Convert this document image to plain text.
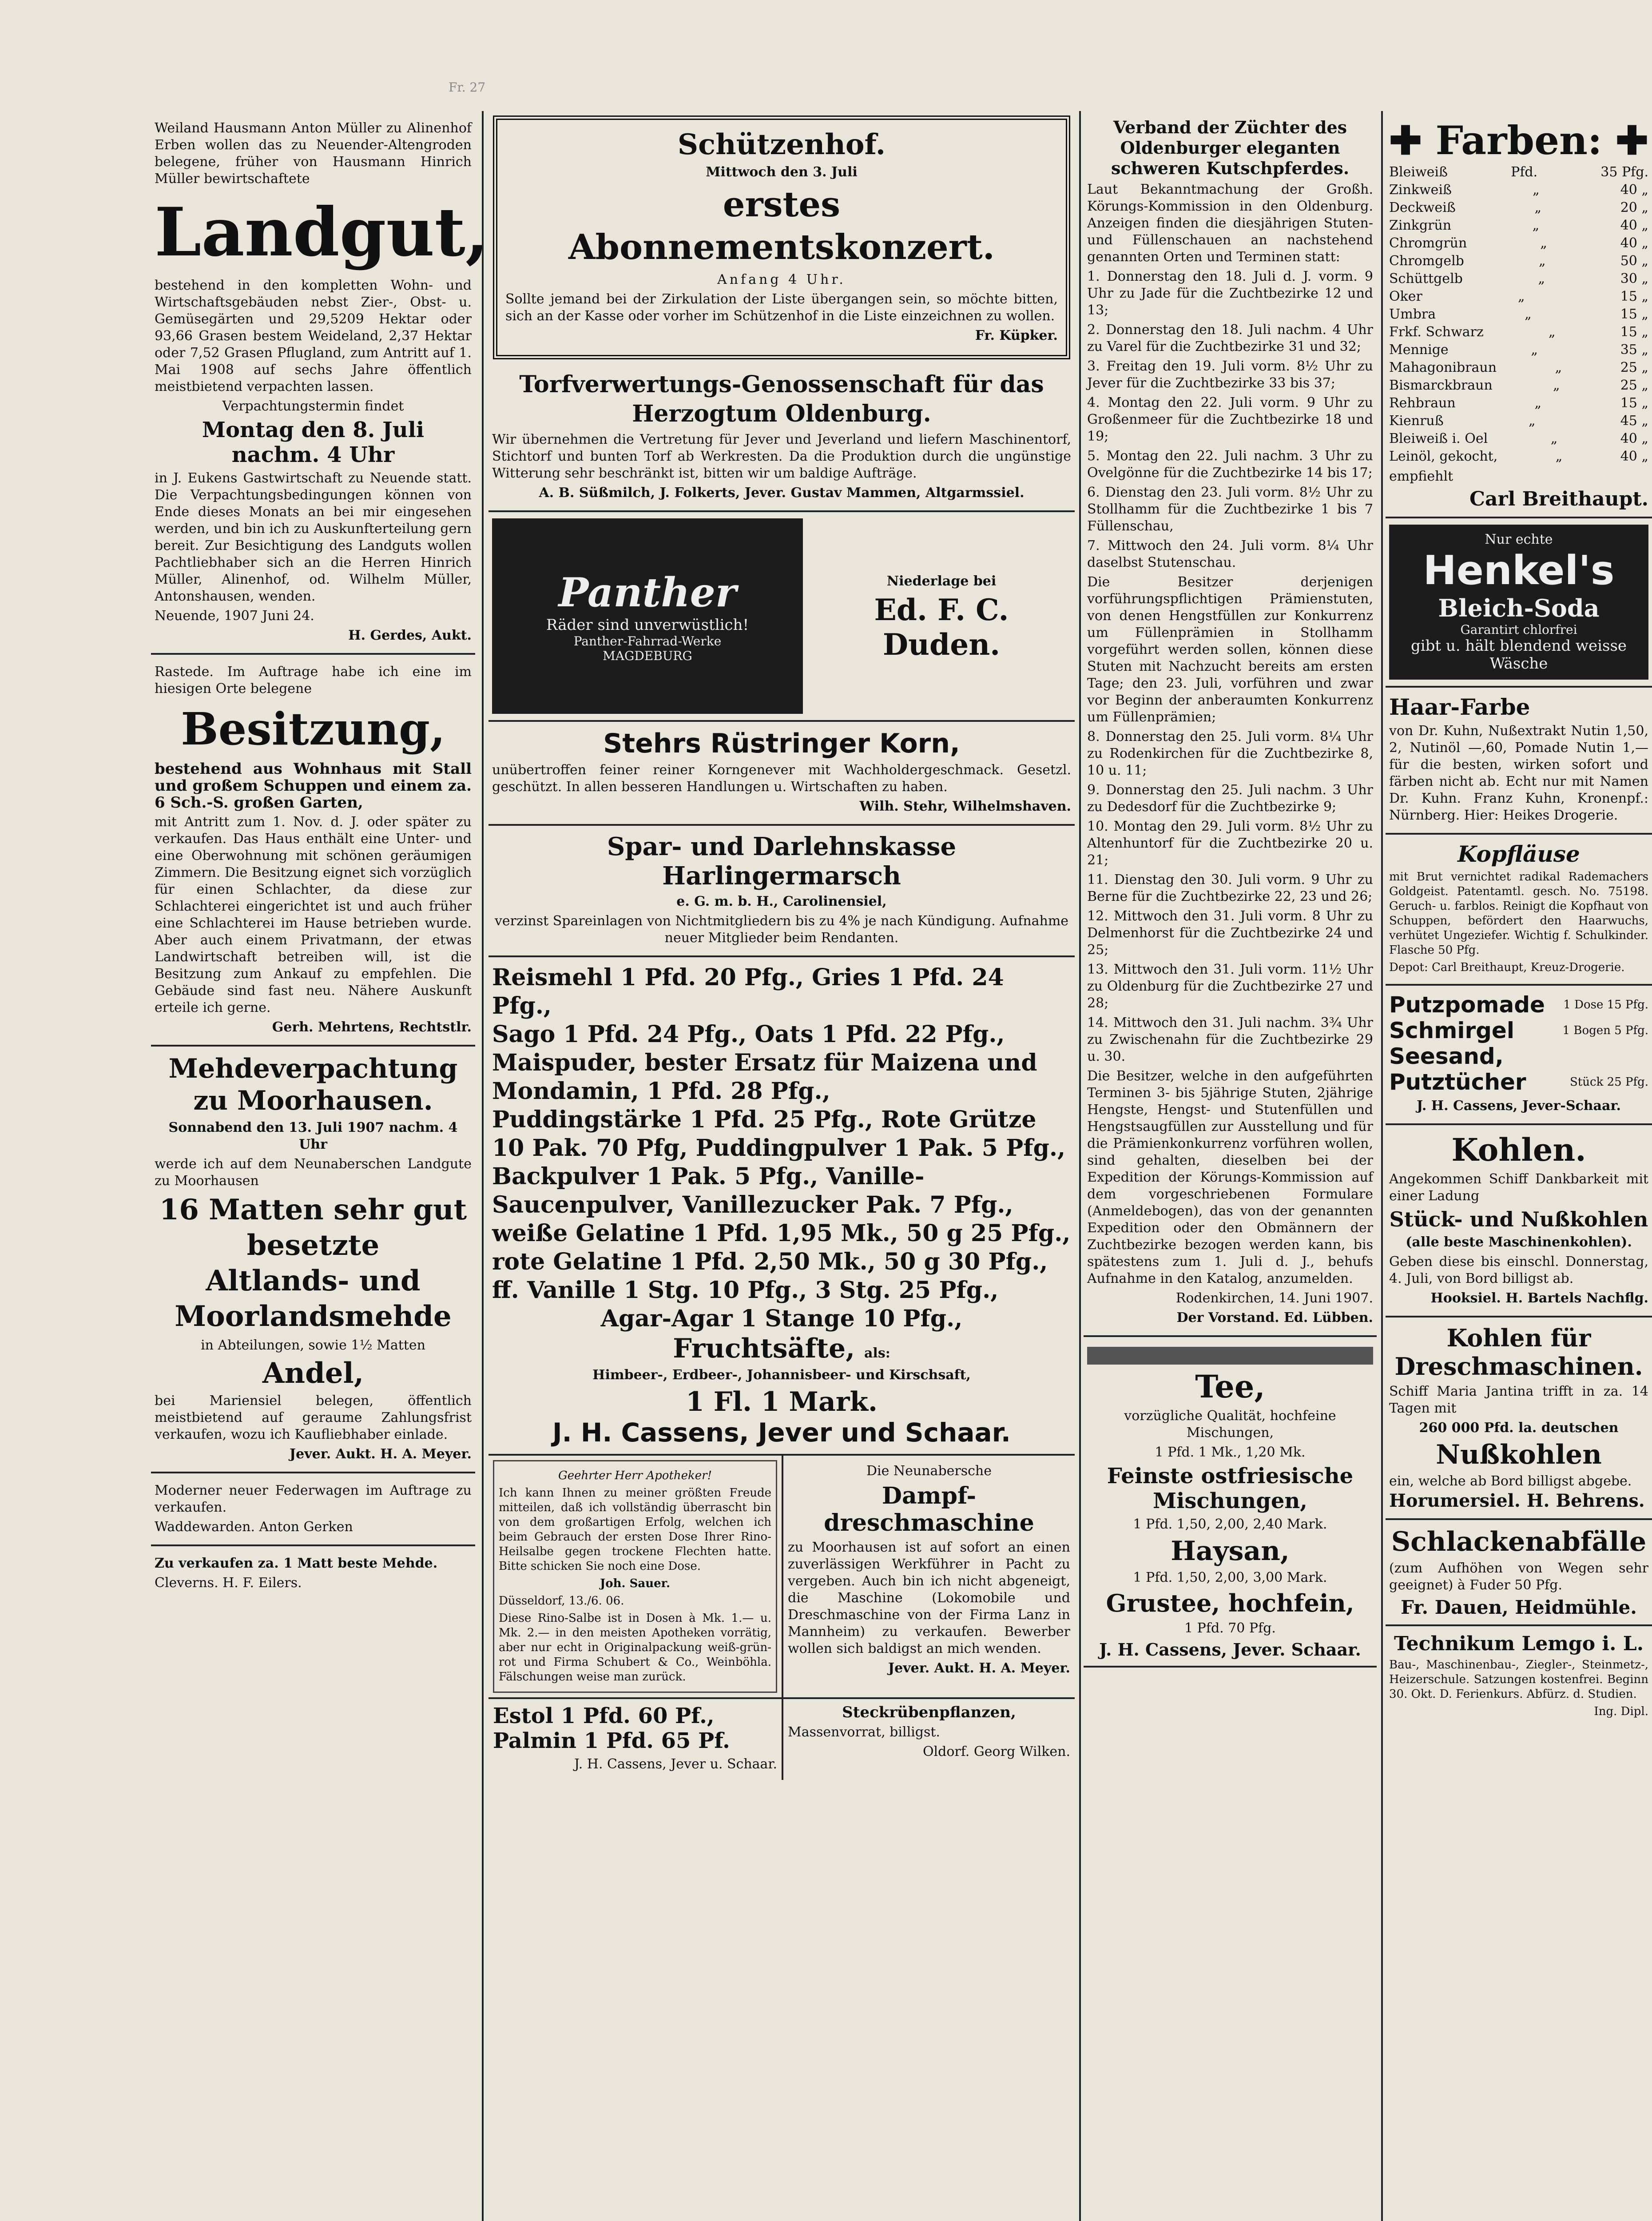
Fr. 27

Weiland Hausmann Anton Müller zu Alinenhof Erben wollen das zu Neuender-Altengroden belegene, früher von Hausmann Hinrich Müller bewirtschaftete

Landgut,

bestehend in den kompletten Wohn- und Wirtschaftsgebäuden nebst Zier-, Obst- u. Gemüsegärten und 29,5209 Hektar oder 93,66 Grasen bestem Weideland, 2,37 Hektar oder 7,52 Grasen Pflugland, zum Antritt auf 1. Mai 1908 auf sechs Jahre öffentlich meistbietend verpachten lassen.

Verpachtungstermin findet

Montag den 8. Juli
nachm. 4 Uhr

in J. Eukens Gastwirtschaft zu Neuende statt. Die Verpachtungsbedingungen können von Ende dieses Monats an bei mir eingesehen werden, und bin ich zu Auskunfterteilung gern bereit. Zur Besichtigung des Landguts wollen Pachtliebhaber sich an die Herren Hinrich Müller, Alinenhof, od. Wilhelm Müller, Antonshausen, wenden.

Neuende, 1907 Juni 24.

H. Gerdes, Aukt.

Rastede. Im Auftrage habe ich eine im hiesigen Orte belegene

Besitzung,

bestehend aus Wohnhaus mit Stall und großem Schuppen und einem za. 6 Sch.-S. großen Garten,

mit Antritt zum 1. Nov. d. J. oder später zu verkaufen. Das Haus enthält eine Unter- und eine Oberwohnung mit schönen geräumigen Zimmern. Die Besitzung eignet sich vorzüglich für einen Schlachter, da diese zur Schlachterei eingerichtet ist und auch früher eine Schlachterei im Hause betrieben wurde. Aber auch einem Privatmann, der etwas Landwirtschaft betreiben will, ist die Besitzung zum Ankauf zu empfehlen. Die Gebäude sind fast neu. Nähere Auskunft erteile ich gerne.

Gerh. Mehrtens, Rechtstlr.

Mehdeverpachtung zu Moorhausen.

Sonnabend den 13. Juli 1907 nachm. 4 Uhr

werde ich auf dem Neunaberschen Landgute zu Moorhausen

16 Matten sehr gut besetzte
Altlands- und Moorlandsmehde

in Abteilungen, sowie 1½ Matten

Andel,

bei Mariensiel belegen, öffentlich meistbietend auf geraume Zahlungsfrist verkaufen, wozu ich Kaufliebhaber einlade.

Jever. Aukt. H. A. Meyer.

Moderner neuer Federwagen im Auftrage zu verkaufen.

Waddewarden. Anton Gerken

Zu verkaufen za. 1 Matt beste Mehde.

Cleverns. H. F. Eilers.

Schützenhof.

Mittwoch den 3. Juli

erstes Abonnementskonzert.

Anfang 4 Uhr.

Sollte jemand bei der Zirkulation der Liste übergangen sein, so möchte bitten, sich an der Kasse oder vorher im Schützenhof in die Liste einzeichnen zu wollen.

Fr. Küpker.

Torfverwertungs-Genossenschaft für das Herzogtum Oldenburg.

Wir übernehmen die Vertretung für Jever und Jeverland und liefern Maschinentorf, Stichtorf und bunten Torf ab Werkresten. Da die Produktion durch die ungünstige Witterung sehr beschränkt ist, bitten wir um baldige Aufträge.

A. B. Süßmilch, J. Folkerts, Jever. Gustav Mammen, Altgarmssiel.

Panther
Räder sind unverwüstlich!
Panther-Fahrrad-Werke
MAGDEBURG

Niederlage bei

Ed. F. C. Duden.
Stehrs Rüstringer Korn,

unübertroffen feiner reiner Korngenever mit Wachholdergeschmack. Gesetzl. geschützt. In allen besseren Handlungen u. Wirtschaften zu haben.

Wilh. Stehr, Wilhelmshaven.

Spar- und Darlehnskasse Harlingermarsch

e. G. m. b. H., Carolinensiel,

verzinst Spareinlagen von Nichtmitgliedern bis zu 4% je nach Kündigung. Aufnahme neuer Mitglieder beim Rendanten.

Reismehl 1 Pfd. 20 Pfg., Gries 1 Pfd. 24 Pfg.,
Sago 1 Pfd. 24 Pfg., Oats 1 Pfd. 22 Pfg.,
Maispuder, bester Ersatz für Maizena und Mondamin, 1 Pfd. 28 Pfg.,
Puddingstärke 1 Pfd. 25 Pfg., Rote Grütze 10 Pak. 70 Pfg, Puddingpulver 1 Pak. 5 Pfg.,
Backpulver 1 Pak. 5 Pfg., Vanille-Saucenpulver, Vanillezucker Pak. 7 Pfg.,
weiße Gelatine 1 Pfd. 1,95 Mk., 50 g 25 Pfg.,
rote Gelatine 1 Pfd. 2,50 Mk., 50 g 30 Pfg.,
ff. Vanille 1 Stg. 10 Pfg., 3 Stg. 25 Pfg.,
Agar-Agar 1 Stange 10 Pfg.,
Fruchtsäfte, als:

Himbeer-, Erdbeer-, Johannisbeer- und Kirschsaft,

1 Fl. 1 Mark.
J. H. Cassens, Jever und Schaar.

Geehrter Herr Apotheker!

Ich kann Ihnen zu meiner größten Freude mitteilen, daß ich vollständig überrascht bin von dem großartigen Erfolg, welchen ich beim Gebrauch der ersten Dose Ihrer Rino-Heilsalbe gegen trockene Flechten hatte. Bitte schicken Sie noch eine Dose.

Joh. Sauer.

Düsseldorf, 13./6. 06.

Diese Rino-Salbe ist in Dosen à Mk. 1.— u. Mk. 2.— in den meisten Apotheken vorrätig, aber nur echt in Originalpackung weiß-grün-rot und Firma Schubert & Co., Weinböhla. Fälschungen weise man zurück.

Die Neunabersche

Dampf-dreschmaschine

zu Moorhausen ist auf sofort an einen zuverlässigen Werkführer in Pacht zu vergeben. Auch bin ich nicht abgeneigt, die Maschine (Lokomobile und Dreschmaschine von der Firma Lanz in Mannheim) zu verkaufen. Bewerber wollen sich baldigst an mich wenden.

Jever. Aukt. H. A. Meyer.

Estol 1 Pfd. 60 Pf.,
Palmin 1 Pfd. 65 Pf.

J. H. Cassens, Jever u. Schaar.

Steckrübenpflanzen,

Massenvorrat, billigst.

Oldorf. Georg Wilken.

Verband der Züchter des Oldenburger eleganten schweren Kutschpferdes.

Laut Bekanntmachung der Großh. Körungs-Kommission in den Oldenburg. Anzeigen finden die diesjährigen Stuten- und Füllenschauen an nachstehend genannten Orten und Terminen statt:

1. Donnerstag den 18. Juli d. J. vorm. 9 Uhr zu Jade für die Zuchtbezirke 12 und 13;

2. Donnerstag den 18. Juli nachm. 4 Uhr zu Varel für die Zuchtbezirke 31 und 32;

3. Freitag den 19. Juli vorm. 8½ Uhr zu Jever für die Zuchtbezirke 33 bis 37;

4. Montag den 22. Juli vorm. 9 Uhr zu Großenmeer für die Zuchtbezirke 18 und 19;

5. Montag den 22. Juli nachm. 3 Uhr zu Ovelgönne für die Zuchtbezirke 14 bis 17;

6. Dienstag den 23. Juli vorm. 8½ Uhr zu Stollhamm für die Zuchtbezirke 1 bis 7 Füllenschau,

7. Mittwoch den 24. Juli vorm. 8¼ Uhr daselbst Stutenschau.

Die Besitzer derjenigen vorführungspflichtigen Prämienstuten, von denen Hengstfüllen zur Konkurrenz um Füllenprämien in Stollhamm vorgeführt werden sollen, können diese Stuten mit Nachzucht bereits am ersten Tage; den 23. Juli, vorführen und zwar vor Beginn der anberaumten Konkurrenz um Füllenprämien;

8. Donnerstag den 25. Juli vorm. 8¼ Uhr zu Rodenkirchen für die Zuchtbezirke 8, 10 u. 11;

9. Donnerstag den 25. Juli nachm. 3 Uhr zu Dedesdorf für die Zuchtbezirke 9;

10. Montag den 29. Juli vorm. 8½ Uhr zu Altenhuntorf für die Zuchtbezirke 20 u. 21;

11. Dienstag den 30. Juli vorm. 9 Uhr zu Berne für die Zuchtbezirke 22, 23 und 26;

12. Mittwoch den 31. Juli vorm. 8 Uhr zu Delmenhorst für die Zuchtbezirke 24 und 25;

13. Mittwoch den 31. Juli vorm. 11½ Uhr zu Oldenburg für die Zuchtbezirke 27 und 28;

14. Mittwoch den 31. Juli nachm. 3¾ Uhr zu Zwischenahn für die Zuchtbezirke 29 u. 30.

Die Besitzer, welche in den aufgeführten Terminen 3- bis 5jährige Stuten, 2jährige Hengste, Hengst- und Stutenfüllen und Hengstsaugfüllen zur Ausstellung und für die Prämienkonkurrenz vorführen wollen, sind gehalten, dieselben bei der Expedition der Körungs-Kommission auf dem vorgeschriebenen Formulare (Anmeldebogen), das von der genannten Expedition oder den Obmännern der Zuchtbezirke bezogen werden kann, bis spätestens zum 1. Juli d. J., behufs Aufnahme in den Katalog, anzumelden.

Rodenkirchen, 14. Juni 1907.

Der Vorstand. Ed. Lübben.

Tee,

vorzügliche Qualität, hochfeine Mischungen,

1 Pfd. 1 Mk., 1,20 Mk.

Feinste ostfriesische Mischungen,

1 Pfd. 1,50, 2,00, 2,40 Mark.

Haysan,

1 Pfd. 1,50, 2,00, 3,00 Mark.

Grustee, hochfein,

1 Pfd. 70 Pfg.

J. H. Cassens, Jever. Schaar.
✚ Farben: ✚
Bleiweiß	Pfd.	35 Pfg.
Zinkweiß	„	40 „
Deckweiß	„	20 „
Zinkgrün	„	40 „
Chromgrün	„	40 „
Chromgelb	„	50 „
Schüttgelb	„	30 „
Oker	„	15 „
Umbra	„	15 „
Frkf. Schwarz	„	15 „
Mennige	„	35 „
Mahagonibraun	„	25 „
Bismarckbraun	„	25 „
Rehbraun	„	15 „
Kienruß	„	45 „
Bleiweiß i. Oel	„	40 „
Leinöl, gekocht,	„	40 „

empfiehlt

Carl Breithaupt.
Nur echte
Henkel's
Bleich-Soda
Garantirt chlorfrei
gibt u. hält blendend weisse Wäsche
Haar-Farbe

von Dr. Kuhn, Nußextrakt Nutin 1,50, 2, Nutinöl —,60, Pomade Nutin 1,— für die besten, wirken sofort und färben nicht ab. Echt nur mit Namen Dr. Kuhn. Franz Kuhn, Kronenpf.: Nürnberg. Hier: Heikes Drogerie.

Kopfläuse

mit Brut vernichtet radikal Rademachers Goldgeist. Patentamtl. gesch. No. 75198. Geruch- u. farblos. Reinigt die Kopfhaut von Schuppen, befördert den Haarwuchs, verhütet Ungeziefer. Wichtig f. Schulkinder. Flasche 50 Pfg.

Depot: Carl Breithaupt, Kreuz-Drogerie.

Putzpomade 1 Dose 15 Pfg.
Schmirgel	1 Bogen 5 Pfg.
Seesand,
Putztücher	Stück 25 Pfg.

J. H. Cassens, Jever-Schaar.

Kohlen.

Angekommen Schiff Dankbarkeit mit einer Ladung

Stück- und Nußkohlen

(alle beste Maschinenkohlen).

Geben diese bis einschl. Donnerstag, 4. Juli, von Bord billigst ab.

Hooksiel. H. Bartels Nachflg.

Kohlen für Dreschmaschinen.

Schiff Maria Jantina trifft in za. 14 Tagen mit

260 000 Pfd. la. deutschen

Nußkohlen

ein, welche ab Bord billigst abgebe.

Horumersiel. H. Behrens.

Schlackenabfälle

(zum Aufhöhen von Wegen sehr geeignet) à Fuder 50 Pfg.

Fr. Dauen, Heidmühle.
Technikum Lemgo i. L.

Bau-, Maschinenbau-, Ziegler-, Steinmetz-, Heizerschule. Satzungen kostenfrei. Beginn 30. Okt. D. Ferienkurs. Abfürz. d. Studien.

Ing. Dipl.
